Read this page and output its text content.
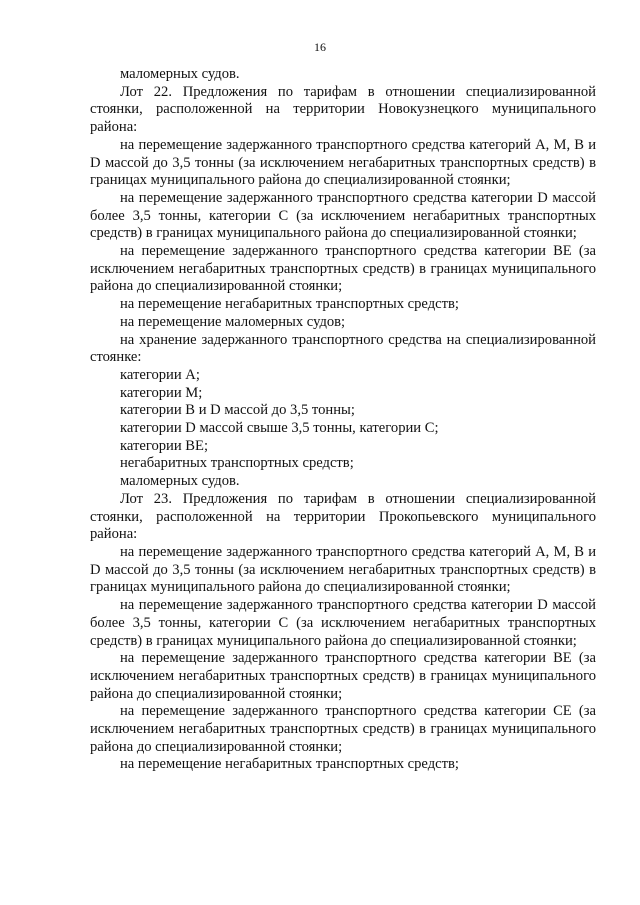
16

маломерных судов.

Лот 22. Предложения по тарифам в отношении специализированной стоянки, расположенной на территории Новокузнецкого муниципального района:

на перемещение задержанного транспортного средства категорий A, M, B и D массой до 3,5 тонны (за исключением негабаритных транспортных средств) в границах муниципального района до специализированной стоянки;

на перемещение задержанного транспортного средства категории D массой более 3,5 тонны, категории C (за исключением негабаритных транспортных средств) в границах муниципального района до специализированной стоянки;

на перемещение задержанного транспортного средства категории BE (за исключением негабаритных транспортных средств) в границах муниципального района до специализированной стоянки;

на перемещение негабаритных транспортных средств;

на перемещение маломерных судов;

на хранение задержанного транспортного средства на специализированной стоянке:

категории A;

категории M;

категории B и D массой до 3,5 тонны;

категории D массой свыше 3,5 тонны, категории C;

категории BE;

негабаритных транспортных средств;

маломерных судов.

Лот 23. Предложения по тарифам в отношении специализированной стоянки, расположенной на территории Прокопьевского муниципального района:

на перемещение задержанного транспортного средства категорий A, M, B и D массой до 3,5 тонны (за исключением негабаритных транспортных средств) в границах муниципального района до специализированной стоянки;

на перемещение задержанного транспортного средства категории D массой более 3,5 тонны, категории C (за исключением негабаритных транспортных средств) в границах муниципального района до специализированной стоянки;

на перемещение задержанного транспортного средства категории BE (за исключением негабаритных транспортных средств) в границах муниципального района до специализированной стоянки;

на перемещение задержанного транспортного средства категории CE (за исключением негабаритных транспортных средств) в границах муниципального района до специализированной стоянки;

на перемещение негабаритных транспортных средств;
